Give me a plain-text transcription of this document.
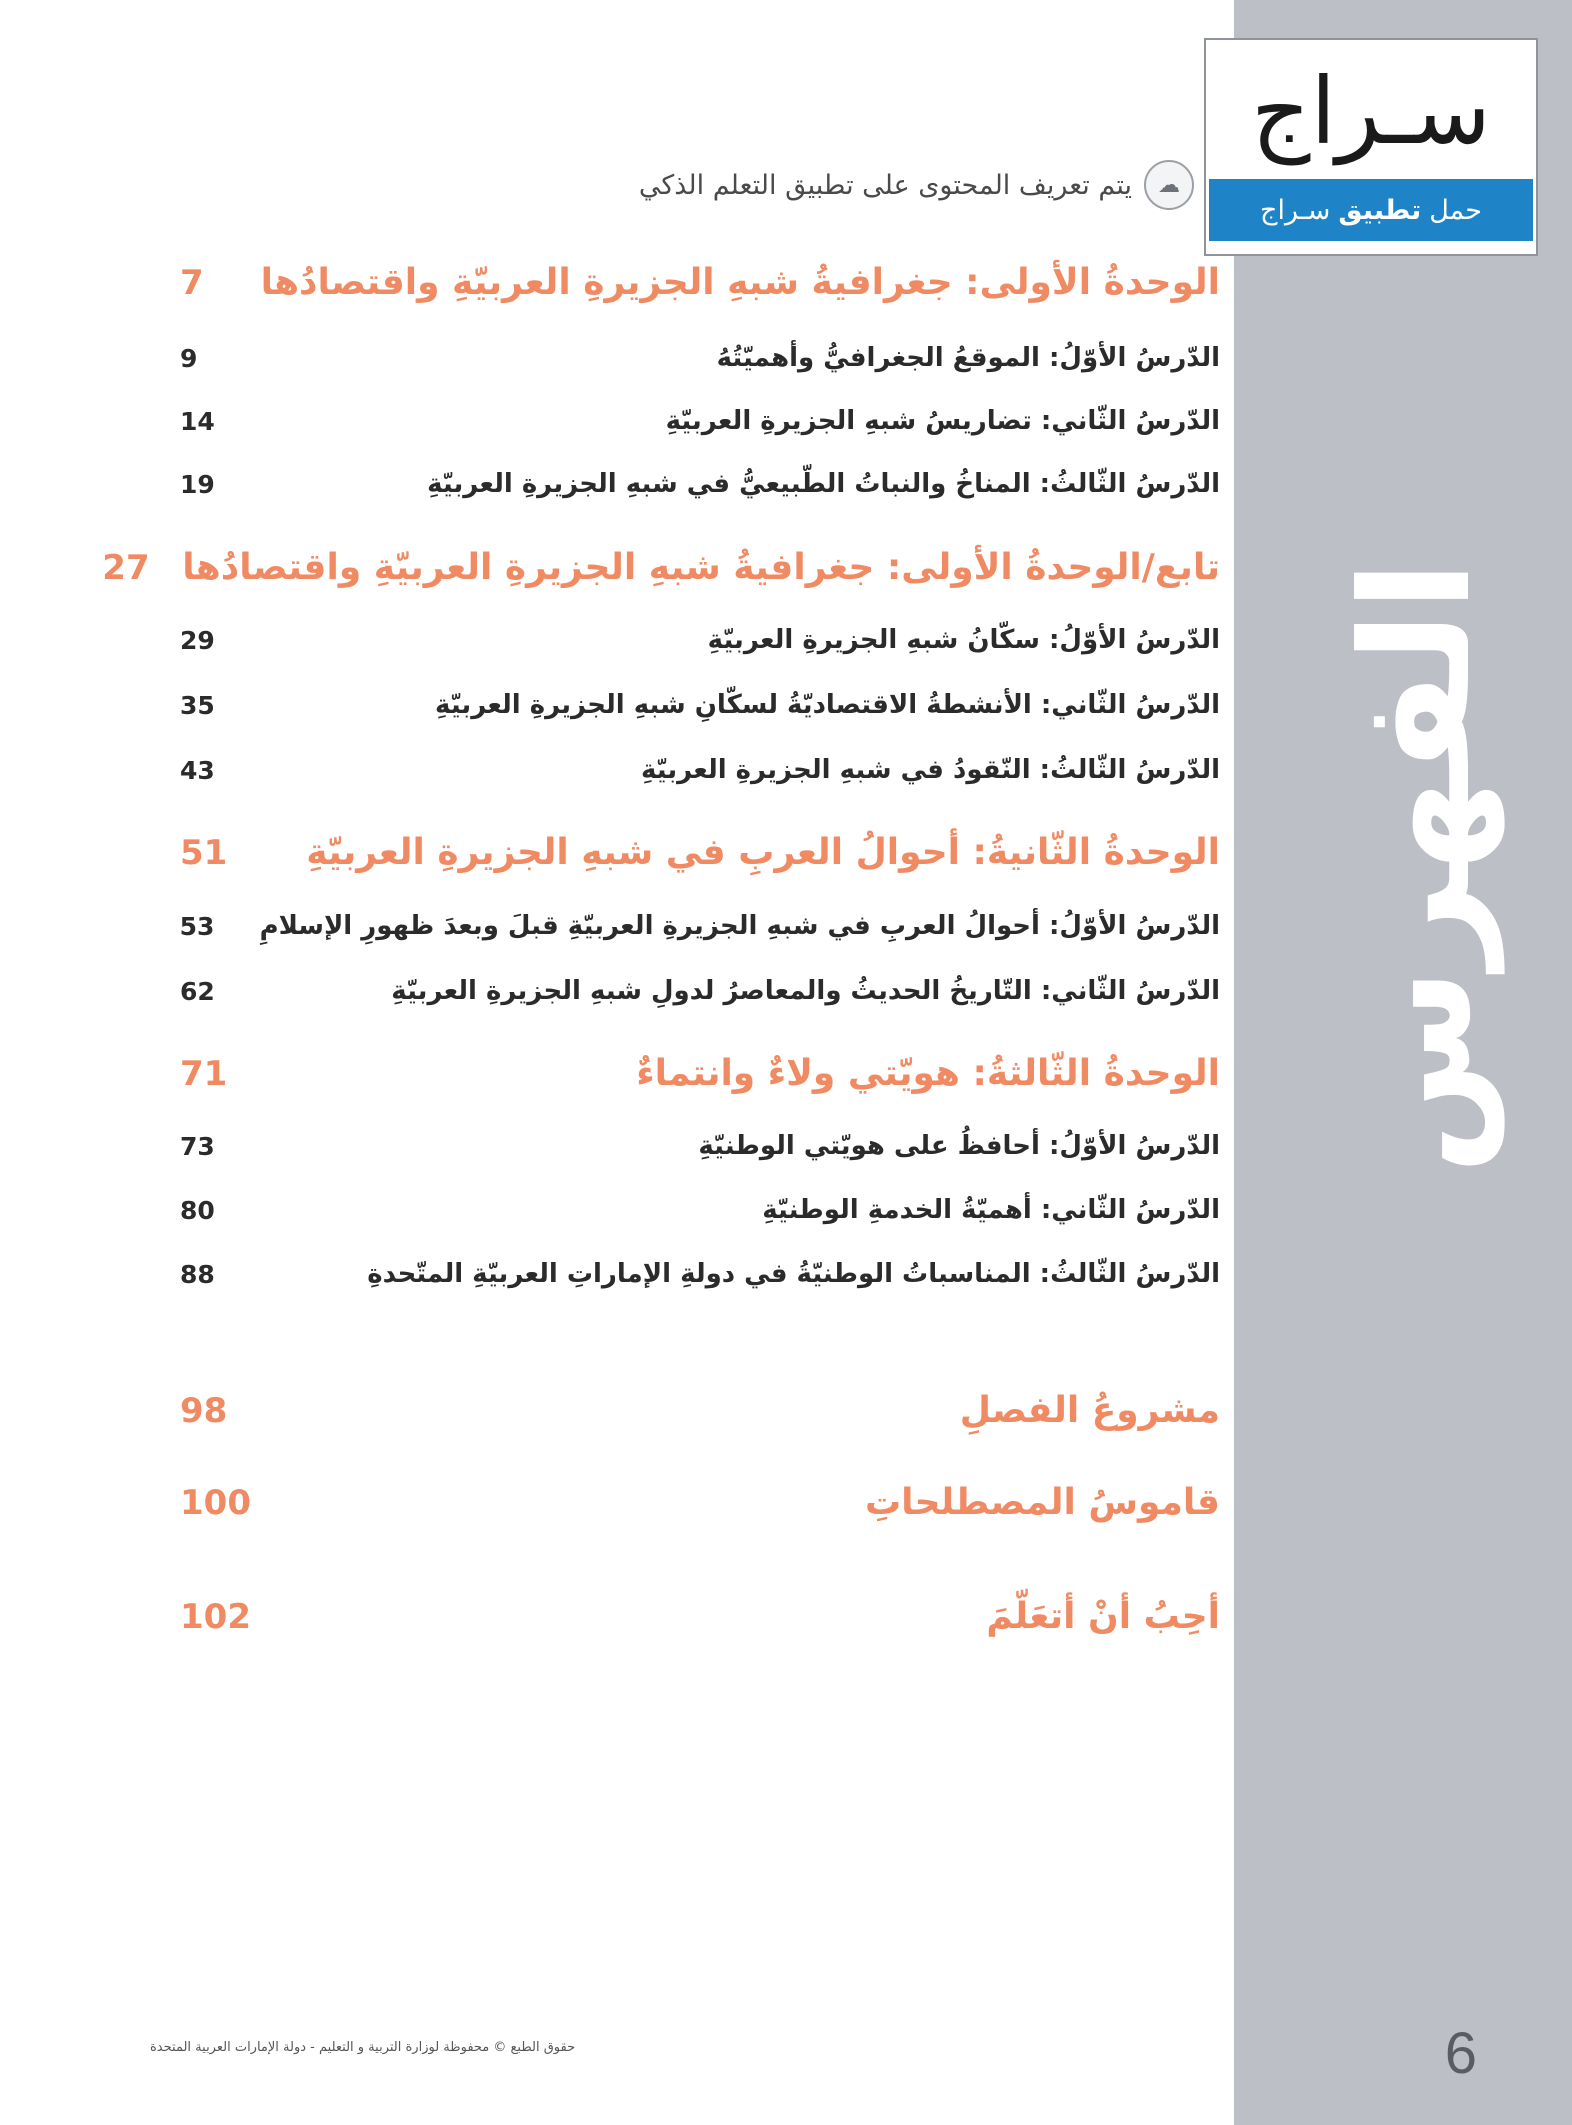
الفهرس
6
سـراج
حمل
تطبيق
سـراج
☁
يتم تعريف المحتوى على تطبيق التعلم الذكي
الوحدةُ الأولى: جغرافيةُ شبهِ الجزيرةِ العربيّةِ واقتصادُها
7
الدّرسُ الأوّلُ: الموقعُ الجغرافيُّ وأهميّتُهُ
9
الدّرسُ الثّاني: تضاريسُ شبهِ الجزيرةِ العربيّةِ
14
الدّرسُ الثّالثُ: المناخُ والنباتُ الطّبيعيُّ في شبهِ الجزيرةِ العربيّةِ
19
تابع/الوحدةُ الأولى: جغرافيةُ شبهِ الجزيرةِ العربيّةِ واقتصادُها
27
الدّرسُ الأوّلُ: سكّانُ شبهِ الجزيرةِ العربيّةِ
29
الدّرسُ الثّاني: الأنشطةُ الاقتصاديّةُ لسكّانِ شبهِ الجزيرةِ العربيّةِ
35
الدّرسُ الثّالثُ: النّقودُ في شبهِ الجزيرةِ العربيّةِ
43
الوحدةُ الثّانيةُ: أحوالُ العربِ في شبهِ الجزيرةِ العربيّةِ
51
الدّرسُ الأوّلُ: أحوالُ العربِ في شبهِ الجزيرةِ العربيّةِ قبلَ وبعدَ ظهورِ الإسلامِ
53
الدّرسُ الثّاني: التّاريخُ الحديثُ والمعاصرُ لدولِ شبهِ الجزيرةِ العربيّةِ
62
الوحدةُ الثّالثةُ: هويّتي ولاءٌ وانتماءٌ
71
الدّرسُ الأوّلُ: أحافظُ على هويّتي الوطنيّةِ
73
الدّرسُ الثّاني: أهميّةُ الخدمةِ الوطنيّةِ
80
الدّرسُ الثّالثُ: المناسباتُ الوطنيّةُ في دولةِ الإماراتِ العربيّةِ المتّحدةِ
88
مشروعُ الفصلِ
98
قاموسُ المصطلحاتِ
100
أحِبُ أنْ أتعَلّمَ
102
حقوق الطبع © محفوظة لوزارة التربية و التعليم - دولة الإمارات العربية المتحدة
